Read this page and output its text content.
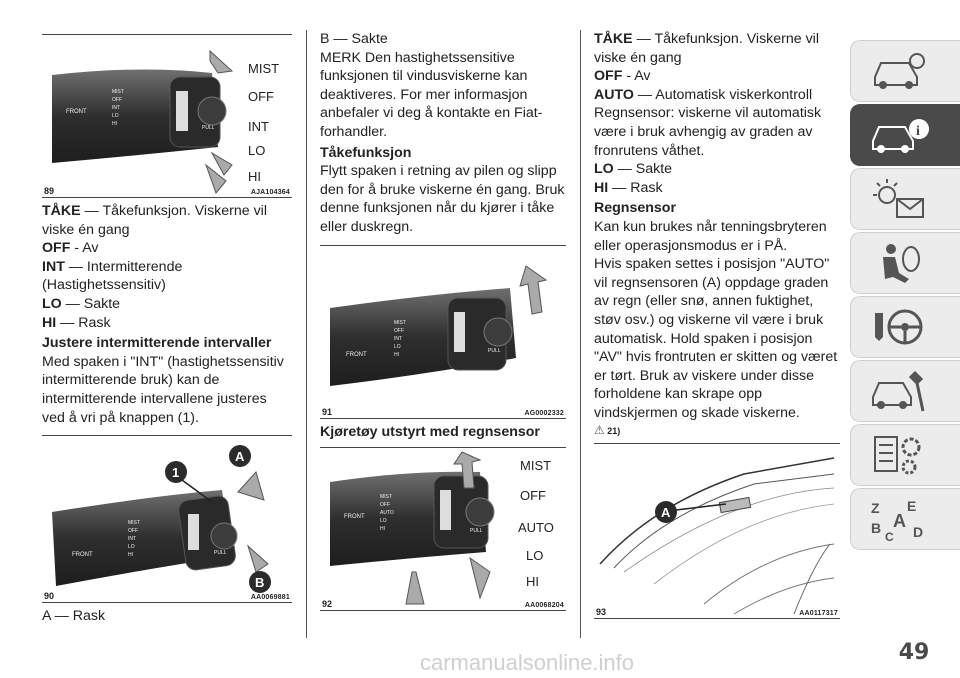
FRONT
MIST
OFF
INT
LO
HI
PULL
MIST
OFF
INT
LO
HI
89	AJA104364

TÅKE — Tåkefunksjon. Viskerne vil viske én gang

OFF - Av

INT — Intermitterende (Hastighetssensitiv)

LO — Sakte

HI — Rask

Justere intermitterende intervaller

Med spaken i "INT" (hastighetssensitiv intermitterende bruk) kan de intermitterende intervallene justeres ved å vri på knappen (1).

FRONT
MIST
OFF
INT
LO
HI	PULL
1
A
B
90	AA0069881

A — Rask

B — Sakte

MERK Den hastighetssensitive funksjonen til vindusviskerne kan deaktiveres. For mer informasjon anbefaler vi deg å kontakte en Fiat-forhandler.

Tåkefunksjon

Flytt spaken i retning av pilen og slipp den for å bruke viskerne én gang. Bruk denne funksjonen når du kjører i tåke eller duskregn.

FRONT
MIST
OFF
INT
LO
HI
PULL
91	AG0002332
Kjøretøy utstyrt med regnsensor
FRONT
MIST
OFF
AUTO
LO
HI	PULL
MIST
OFF
AUTO
LO
HI
92	AA0068204

TÅKE — Tåkefunksjon. Viskerne vil viske én gang

OFF - Av

AUTO — Automatisk viskerkontroll

Regnsensor: viskerne vil automatisk være i bruk avhengig av graden av fronrutens våthet.

LO — Sakte

HI — Rask

Regnsensor

Kan kun brukes når tenningsbryteren eller operasjonsmodus er i PÅ.

Hvis spaken settes i posisjon "AUTO" vil regnsensoren (A) oppdage graden av regn (eller snø, annen fuktighet, støv osv.) og viskerne vil være i bruk automatisk. Hold spaken i posisjon "AV" hvis frontruten er skitten og været er tørt. Bruk av viskere under disse forholdene kan skrape opp vindskjermen og skade viskerne.

⚠ 21)

A
93	AA0117317
i
Z E
B A
C D
49
carmanualsonline.info
